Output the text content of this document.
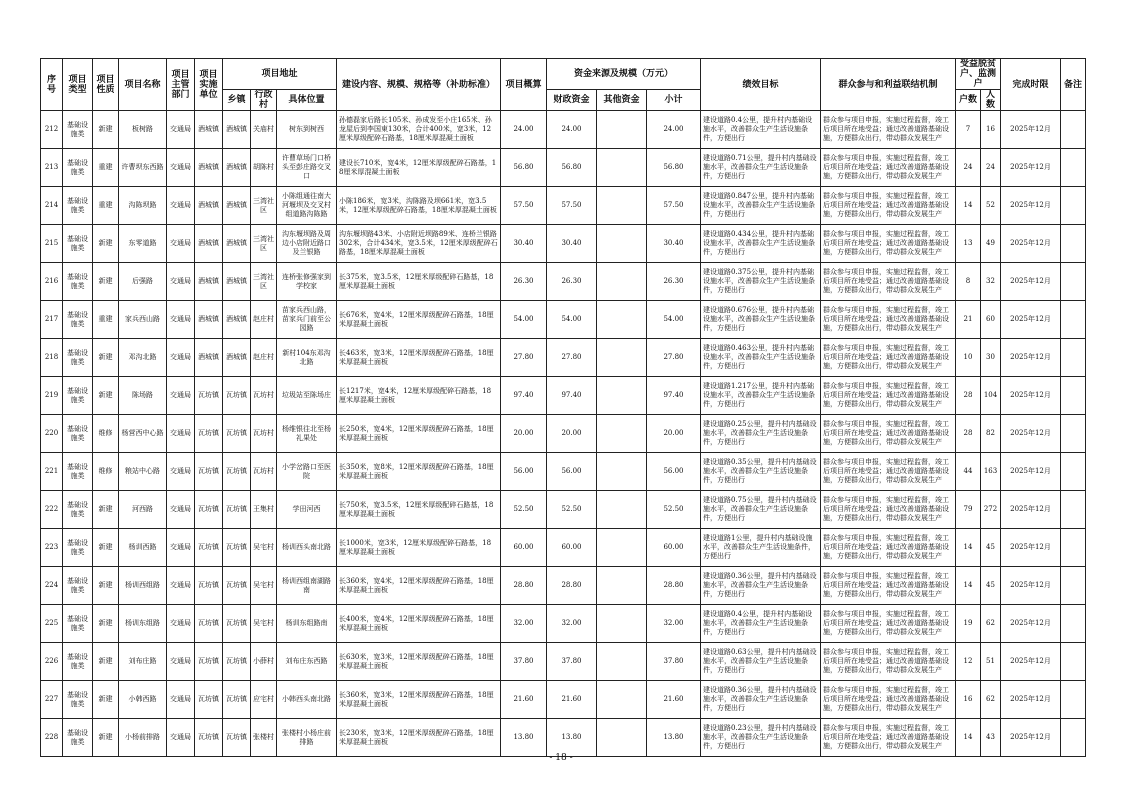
序号	项目类型	项目性质	项目名称	项目主管部门	项目实施单位	项目地址			建设内容、规模、规格等（补助标准）	项目概算	资金来源及规模（万元）			绩效目标	群众参与和利益联结机制	受益脱贫户、监测户		完成时限	备注
						乡镇	行政村	具体位置			财政资金	其他资金	小计			户数	人数		

212	基础设施类	新建	板树路	交通局	酒城镇	酒城镇	关庙村	树东到树西	孙德磊家后路长105米、孙成发至小庄165米、孙龙屋后到李国東130米，合计400米，宽3米，12厘米厚级配碎石路基，18厘米厚混凝土面板	24.00	24.00		24.00	建设道路0.4公里，提升村内基础设施水平，改善群众生产生活设施条件，方便出行	群众参与项目申报，实施过程监督，竣工后项目所在地受益；通过改善道路基础设施，方便群众出行，带动群众发展生产	7	16	2025年12月	

213	基础设施类	重建	许曹坝东西路	交通局	酒城镇	酒城镇	胡陈村	许曹草场门口桥头至彭庄路交叉口	建设长710米，宽4米，12厘米厚级配碎石路基，18厘米厚混凝土面板	56.80	56.80		56.80	建设道路0.71公里，提升村内基础设施水平，改善群众生产生活设施条件，方便出行	群众参与项目申报，实施过程监督，竣工后项目所在地受益；通过改善道路基础设施，方便群众出行，带动群众发展生产	24	24	2025年12月	

214	基础设施类	重建	沟陈坝路	交通局	酒城镇	酒城镇	三湾社区	小陈组通往南大河堰坝及交叉村组道路沟陈路	小陈186米，宽3米，沟陈路及坝661米，宽3.5米，12厘米厚级配碎石路基，18厘米厚混凝土面板	57.50	57.50		57.50	建设道路0.847公里，提升村内基础设施水平，改善群众生产生活设施条件，方便出行	群众参与项目申报，实施过程监督，竣工后项目所在地受益；通过改善道路基础设施，方便群众出行，带动群众发展生产	14	52	2025年12月	

215	基础设施类	新建	东零道路	交通局	酒城镇	酒城镇	三湾社区	沟东堰坝路及周边小店附近路口及兰银路	沟东堰坝路43米、小店附近坝路89米、连桥兰银路302米，合计434米，宽3.5米，12厘米厚级配碎石路基，18厘米厚混凝土面板	30.40	30.40		30.40	建设道路0.434公里，提升村内基础设施水平，改善群众生产生活设施条件，方便出行	群众参与项目申报，实施过程监督，竣工后项目所在地受益；通过改善道路基础设施，方便群众出行，带动群众发展生产	13	49	2025年12月	

216	基础设施类	新建	后强路	交通局	酒城镇	酒城镇	三湾社区	连桥张修强家到学校家	长375米，宽3.5米，12厘米厚级配碎石路基，18厘米厚混凝土面板	26.30	26.30		26.30	建设道路0.375公里，提升村内基础设施水平，改善群众生产生活设施条件，方便出行	群众参与项目申报，实施过程监督，竣工后项目所在地受益；通过改善道路基础设施，方便群众出行，带动群众发展生产	8	32	2025年12月	

217	基础设施类	重建	家兵西山路	交通局	酒城镇	酒城镇	赵庄村	苗家兵西山路，苗家兵门前至公园路	长676米，宽4米，12厘米厚级配碎石路基，18厘米厚混凝土面板	54.00	54.00		54.00	建设道路0.676公里，提升村内基础设施水平，改善群众生产生活设施条件，方便出行	群众参与项目申报，实施过程监督，竣工后项目所在地受益；通过改善道路基础设施，方便群众出行，带动群众发展生产	21	60	2025年12月	

218	基础设施类	新建	邓沟北路	交通局	酒城镇	酒城镇	赵庄村	新村104东邓沟北路	长463米，宽3米，12厘米厚级配碎石路基，18厘米厚混凝土面板	27.80	27.80		27.80	建设道路0.463公里，提升村内基础设施水平，改善群众生产生活设施条件，方便出行	群众参与项目申报，实施过程监督，竣工后项目所在地受益；通过改善道路基础设施，方便群众出行，带动群众发展生产	10	30	2025年12月	

219	基础设施类	新建	陈场路	交通局	瓦坊镇	瓦坊镇	瓦坊村	垃圾站至陈场庄	长1217米，宽4米，12厘米厚级配碎石路基，18厘米厚混凝土面板	97.40	97.40		97.40	建设道路1.217公里，提升村内基础设施水平，改善群众生产生活设施条件，方便出行	群众参与项目申报，实施过程监督，竣工后项目所在地受益；通过改善道路基础设施，方便群众出行，带动群众发展生产	28	104	2025年12月	

220	基础设施类	维修	杨营西中心路	交通局	瓦坊镇	瓦坊镇	瓦坊村	杨维银往北至杨礼果处	长250米，宽4米，12厘米厚级配碎石路基，18厘米厚混凝土面板	20.00	20.00		20.00	建设道路0.25公里，提升村内基础设施水平，改善群众生产生活设施条件，方便出行	群众参与项目申报，实施过程监督，竣工后项目所在地受益；通过改善道路基础设施，方便群众出行，带动群众发展生产	28	82	2025年12月	

221	基础设施类	维修	粮站中心路	交通局	瓦坊镇	瓦坊镇	瓦坊村	小学岔路口至医院	长350米，宽8米，12厘米厚级配碎石路基，18厘米厚混凝土面板	56.00	56.00		56.00	建设道路0.35公里，提升村内基础设施水平，改善群众生产生活设施条件，方便出行	群众参与项目申报，实施过程监督，竣工后项目所在地受益；通过改善道路基础设施，方便群众出行，带动群众发展生产	44	163	2025年12月	

222	基础设施类	新建	河西路	交通局	瓦坊镇	瓦坊镇	王集村	学田河西	长750米，宽3.5米，12厘米厚级配碎石路基，18厘米厚混凝土面板	52.50	52.50		52.50	建设道路0.75公里，提升村内基础设施水平，改善群众生产生活设施条件，方便出行	群众参与项目申报，实施过程监督，竣工后项目所在地受益；通过改善道路基础设施，方便群众出行，带动群众发展生产	79	272	2025年12月	

223	基础设施类	新建	杨训西路	交通局	瓦坊镇	瓦坊镇	吴宅村	杨训西头南北路	长1000米，宽3米，12厘米厚级配碎石路基，18厘米厚混凝土面板	60.00	60.00		60.00	建设道路1公里，提升村内基础设施水平，改善群众生产生活设施条件，方便出行	群众参与项目申报，实施过程监督，竣工后项目所在地受益；通过改善道路基础设施，方便群众出行，带动群众发展生产	14	45	2025年12月	

224	基础设施类	新建	杨训西组路	交通局	瓦坊镇	瓦坊镇	吴宅村	杨训西组南湖路南	长360米，宽4米，12厘米厚级配碎石路基，18厘米厚混凝土面板	28.80	28.80		28.80	建设道路0.36公里，提升村内基础设施水平，改善群众生产生活设施条件，方便出行	群众参与项目申报，实施过程监督，竣工后项目所在地受益；通过改善道路基础设施，方便群众出行，带动群众发展生产	14	45	2025年12月	

225	基础设施类	新建	杨训东组路	交通局	瓦坊镇	瓦坊镇	吴宅村	杨训东组路南	长400米，宽4米，12厘米厚级配碎石路基，18厘米厚混凝土面板	32.00	32.00		32.00	建设道路0.4公里，提升村内基础设施水平，改善群众生产生活设施条件，方便出行	群众参与项目申报，实施过程监督，竣工后项目所在地受益；通过改善道路基础设施，方便群众出行，带动群众发展生产	19	62	2025年12月	

226	基础设施类	新建	刘布庄路	交通局	瓦坊镇	瓦坊镇	小薛村	刘布庄东西路	长630米，宽3米，12厘米厚级配碎石路基，18厘米厚混凝土面板	37.80	37.80		37.80	建设道路0.63公里，提升村内基础设施水平，改善群众生产生活设施条件，方便出行	群众参与项目申报，实施过程监督，竣工后项目所在地受益；通过改善道路基础设施，方便群众出行，带动群众发展生产	12	51	2025年12月	

227	基础设施类	新建	小韩西路	交通局	瓦坊镇	瓦坊镇	应宅村	小韩西头南北路	长360米，宽3米，12厘米厚级配碎石路基，18厘米厚混凝土面板	21.60	21.60		21.60	建设道路0.36公里，提升村内基础设施水平，改善群众生产生活设施条件，方便出行	群众参与项目申报，实施过程监督，竣工后项目所在地受益；通过改善道路基础设施，方便群众出行，带动群众发展生产	16	62	2025年12月	

228	基础设施类	新建	小杨前排路	交通局	瓦坊镇	瓦坊镇	张楼村	张楼村小杨庄前排路	长230米，宽3米，12厘米厚级配碎石路基，18厘米厚混凝土面板	13.80	13.80		13.80	建设道路0.23公里，提升村内基础设施水平，改善群众生产生活设施条件，方便出行	群众参与项目申报，实施过程监督，竣工后项目所在地受益；通过改善道路基础设施，方便群众出行，带动群众发展生产	14	43	2025年12月	

- 18 -
